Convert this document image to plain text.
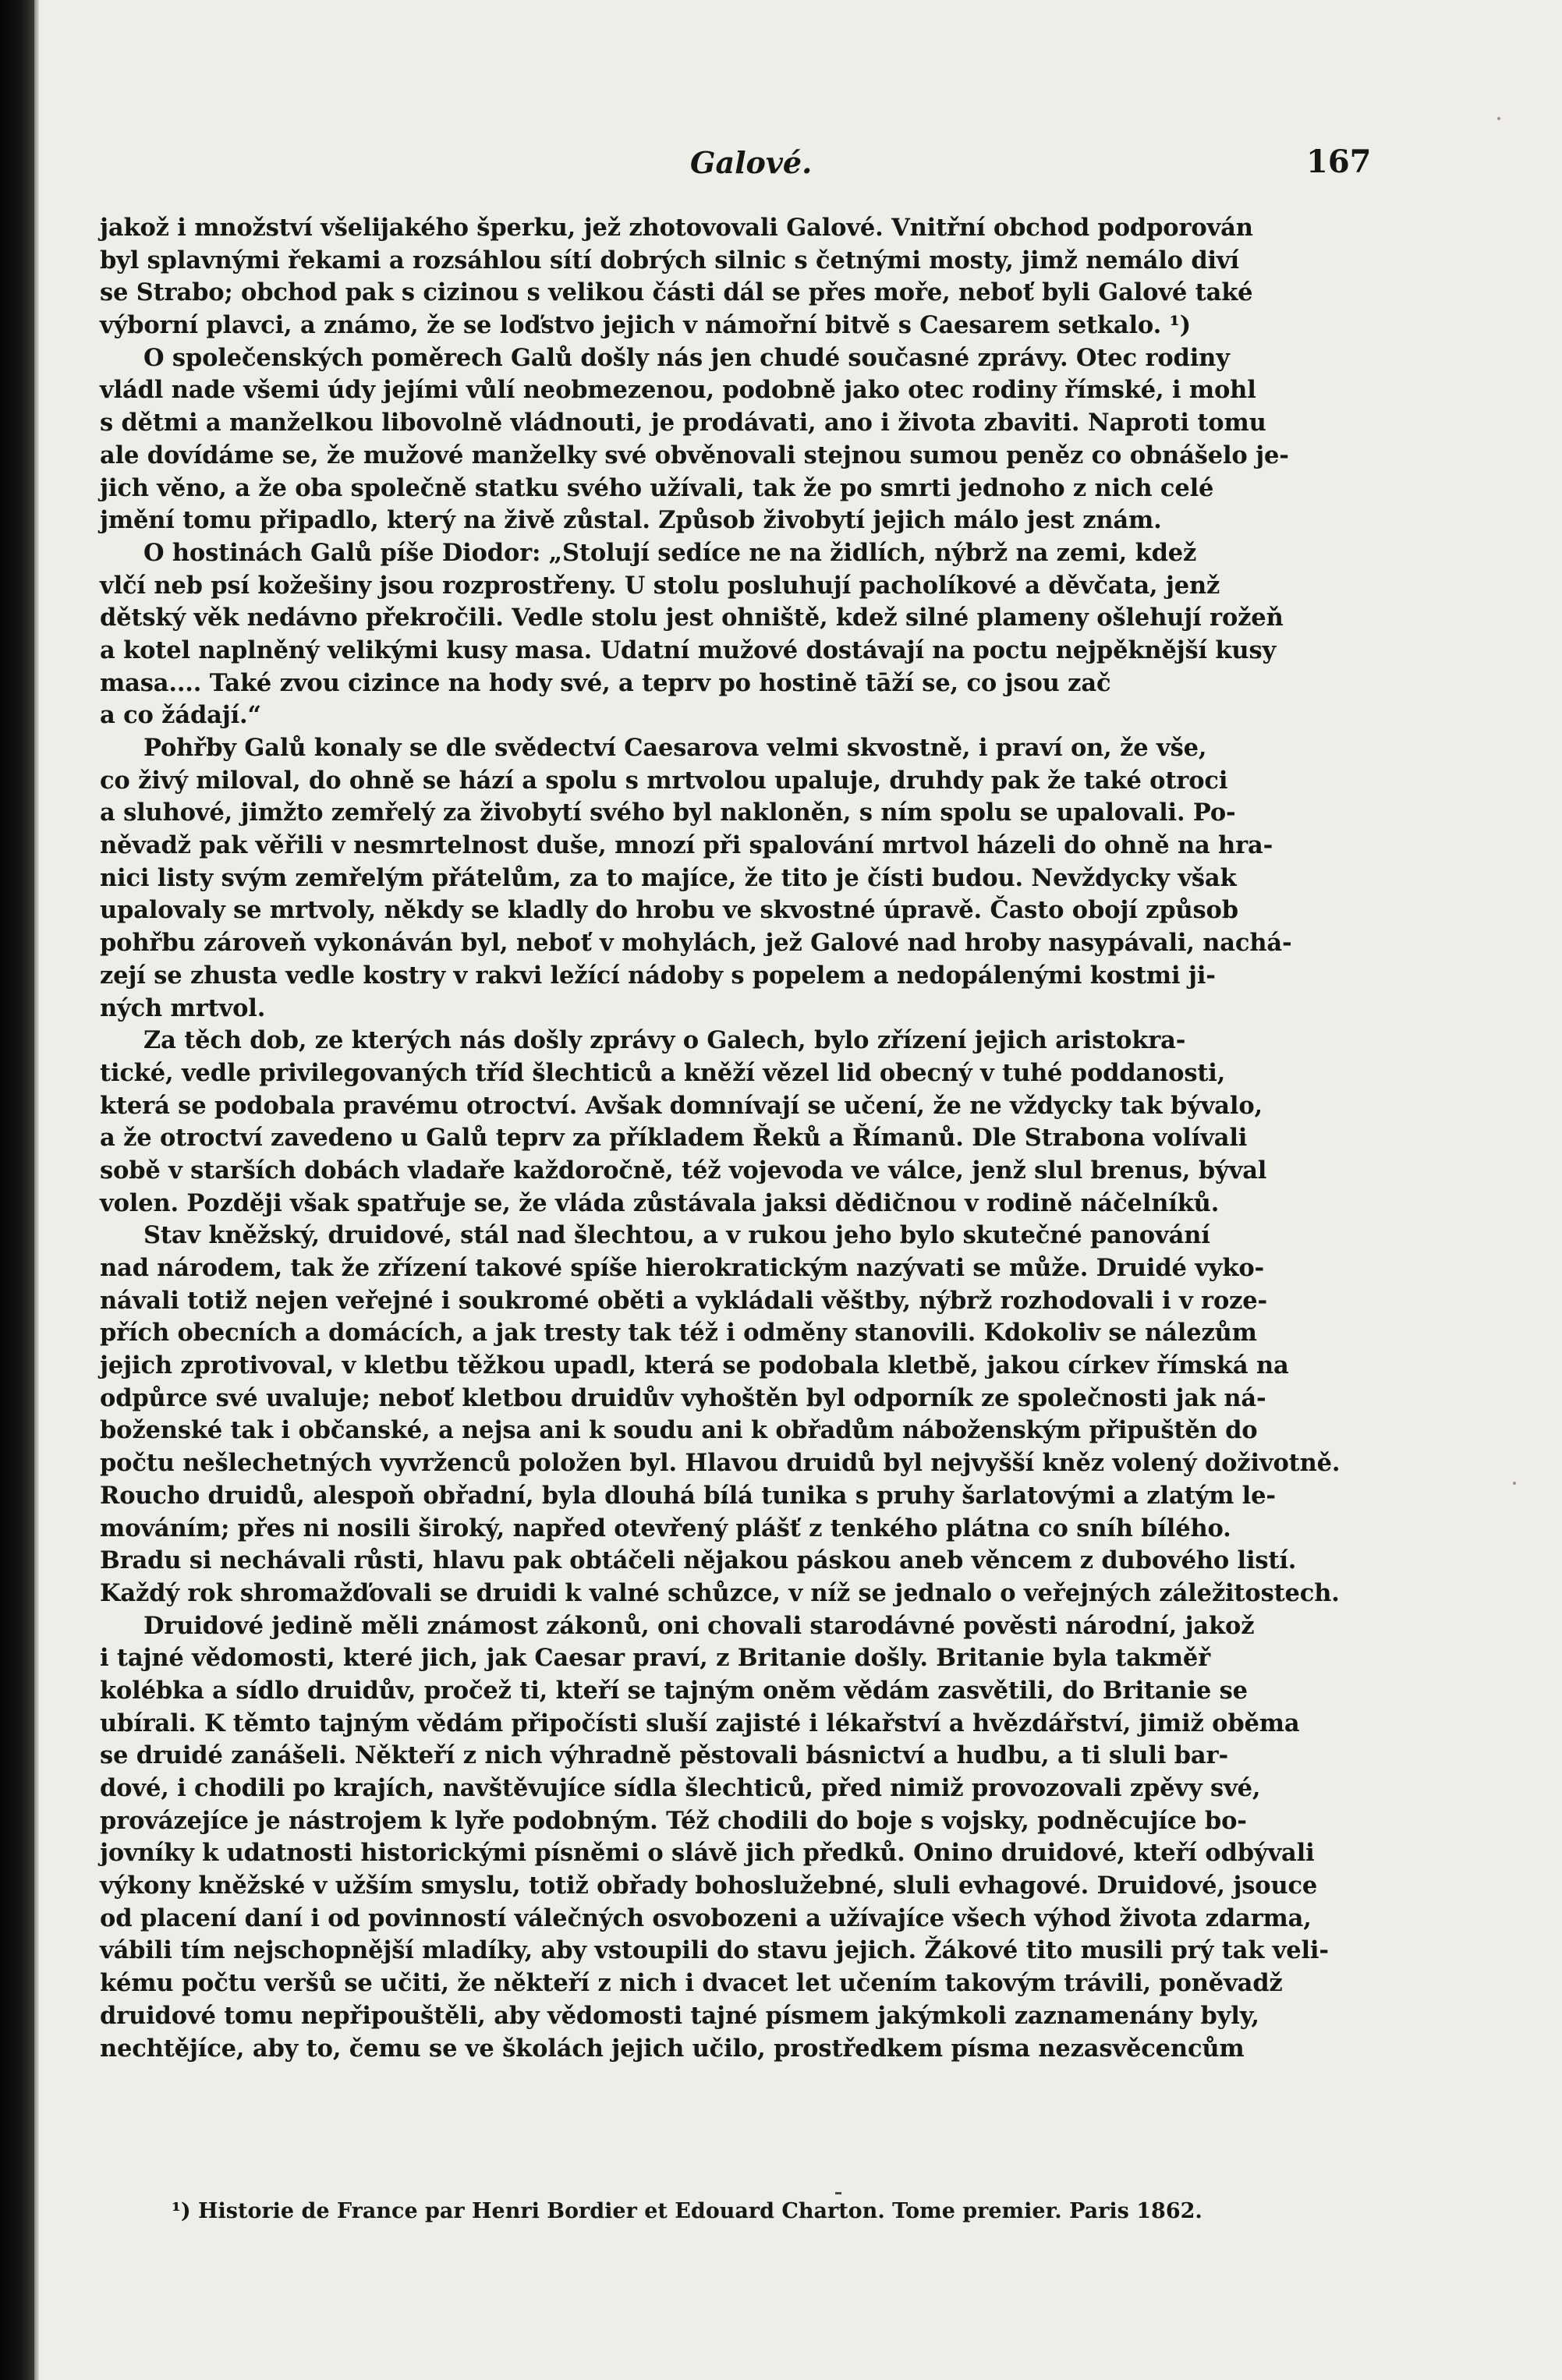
Galové.	167
jakož i množství všelijakého šperku, jež zhotovovali Galové. Vnitřní obchod podporován
byl splavnými řekami a rozsáhlou sítí dobrých silnic s četnými mosty, jimž nemálo diví
se Strabo; obchod pak s cizinou s velikou části dál se přes moře, neboť byli Galové také
výborní plavci, a známo, že se loďstvo jejich v námořní bitvě s Caesarem setkalo. ¹)
O společenských poměrech Galů došly nás jen chudé současné zprávy. Otec rodiny
vládl nade všemi údy jejími vůlí neobmezenou, podobně jako otec rodiny římské, i mohl
s dětmi a manželkou libovolně vládnouti, je prodávati, ano i života zbaviti. Naproti tomu
ale dovídáme se, že mužové manželky své obvěnovali stejnou sumou peněz co obnášelo je-
jich věno, a že oba společně statku svého užívali, tak že po smrti jednoho z nich celé
jmění tomu připadlo, který na živě zůstal. Způsob živobytí jejich málo jest znám.
O hostinách Galů píše Diodor: „Stolují sedíce ne na židlích, nýbrž na zemi, kdež
vlčí neb psí kožešiny jsou rozprostřeny. U stolu posluhují pacholíkové a děvčata, jenž
dětský věk nedávno překročili. Vedle stolu jest ohniště, kdež silné plameny ošlehují rožeň
a kotel naplněný velikými kusy masa. Udatní mužové dostávají na poctu nejpěknější kusy
masa.... Také zvou cizince na hody své, a teprv po hostině tāží se, co jsou zač
a co žádají.“
Pohřby Galů konaly se dle svědectví Caesarova velmi skvostně, i praví on, že vše,
co živý miloval, do ohně se hází a spolu s mrtvolou upaluje, druhdy pak že také otroci
a sluhové, jimžto zemřelý za živobytí svého byl nakloněn, s ním spolu se upalovali. Po-
něvadž pak věřili v nesmrtelnost duše, mnozí při spalování mrtvol házeli do ohně na hra-
nici listy svým zemřelým přátelům, za to majíce, že tito je čísti budou. Nevždycky však
upalovaly se mrtvoly, někdy se kladly do hrobu ve skvostné úpravě. Často obojí způsob
pohřbu zároveň vykonáván byl, neboť v mohylách, jež Galové nad hroby nasypávali, nachá-
zejí se zhusta vedle kostry v rakvi ležící nádoby s popelem a nedopálenými kostmi ji-
ných mrtvol.
Za těch dob, ze kterých nás došly zprávy o Galech, bylo zřízení jejich aristokra-
tické, vedle privilegovaných tříd šlechticů a kněží vězel lid obecný v tuhé poddanosti,
která se podobala pravému otroctví. Avšak domnívají se učení, že ne vždycky tak bývalo,
a že otroctví zavedeno u Galů teprv za příkladem Řeků a Římanů. Dle Strabona volívali
sobě v starších dobách vladaře každoročně, též vojevoda ve válce, jenž slul brenus, býval
volen. Později však spatřuje se, že vláda zůstávala jaksi dědičnou v rodině náčelníků.
Stav kněžský, druidové, stál nad šlechtou, a v rukou jeho bylo skutečné panování
nad národem, tak že zřízení takové spíše hierokratickým nazývati se může. Druidé vyko-
návali totiž nejen veřejné i soukromé oběti a vykládali věštby, nýbrž rozhodovali i v roze-
přích obecních a domácích, a jak tresty tak též i odměny stanovili. Kdokoliv se nálezům
jejich zprotivoval, v kletbu těžkou upadl, která se podobala kletbě, jakou církev římská na
odpůrce své uvaluje; neboť kletbou druidův vyhoštěn byl odporník ze společnosti jak ná-
boženské tak i občanské, a nejsa ani k soudu ani k obřadům náboženským připuštěn do
počtu nešlechetných vyvrženců položen byl. Hlavou druidů byl nejvyšší kněz volený doživotně.
Roucho druidů, alespoň obřadní, byla dlouhá bílá tunika s pruhy šarlatovými a zlatým le-
mováním; přes ni nosili široký, napřed otevřený plášť z tenkého plátna co sníh bílého.
Bradu si nechávali růsti, hlavu pak obtáčeli nějakou páskou aneb věncem z dubového listí.
Každý rok shromažďovali se druidi k valné schůzce, v níž se jednalo o veřejných záležitostech.
Druidové jedině měli známost zákonů, oni chovali starodávné pověsti národní, jakož
i tajné vědomosti, které jich, jak Caesar praví, z Britanie došly. Britanie byla takměř
kolébka a sídlo druidův, pročež ti, kteří se tajným oněm vědám zasvětili, do Britanie se
ubírali. K těmto tajným vědám připočísti sluší zajisté i lékařství a hvězdářství, jimiž oběma
se druidé zanášeli. Někteří z nich výhradně pěstovali básnictví a hudbu, a ti sluli bar-
dové, i chodili po krajích, navštěvujíce sídla šlechticů, před nimiž provozovali zpěvy své,
provázejíce je nástrojem k lyře podobným. Též chodili do boje s vojsky, podněcujíce bo-
jovníky k udatnosti historickými písněmi o slávě jich předků. Onino druidové, kteří odbývali
výkony kněžské v užším smyslu, totiž obřady bohoslužebné, sluli evhagové. Druidové, jsouce
od placení daní i od povinností válečných osvobozeni a užívajíce všech výhod života zdarma,
vábili tím nejschopnější mladíky, aby vstoupili do stavu jejich. Žákové tito musili prý tak veli-
kému počtu veršů se učiti, že někteří z nich i dvacet let učením takovým trávili, poněvadž
druidové tomu nepřipouštěli, aby vědomosti tajné písmem jakýmkoli zaznamenány byly,
nechtějíce, aby to, čemu se ve školách jejich učilo, prostředkem písma nezasvěcencům
¹) Historie de France par Henri Bordier et Edouard Charton. Tome premier. Paris 1862.
